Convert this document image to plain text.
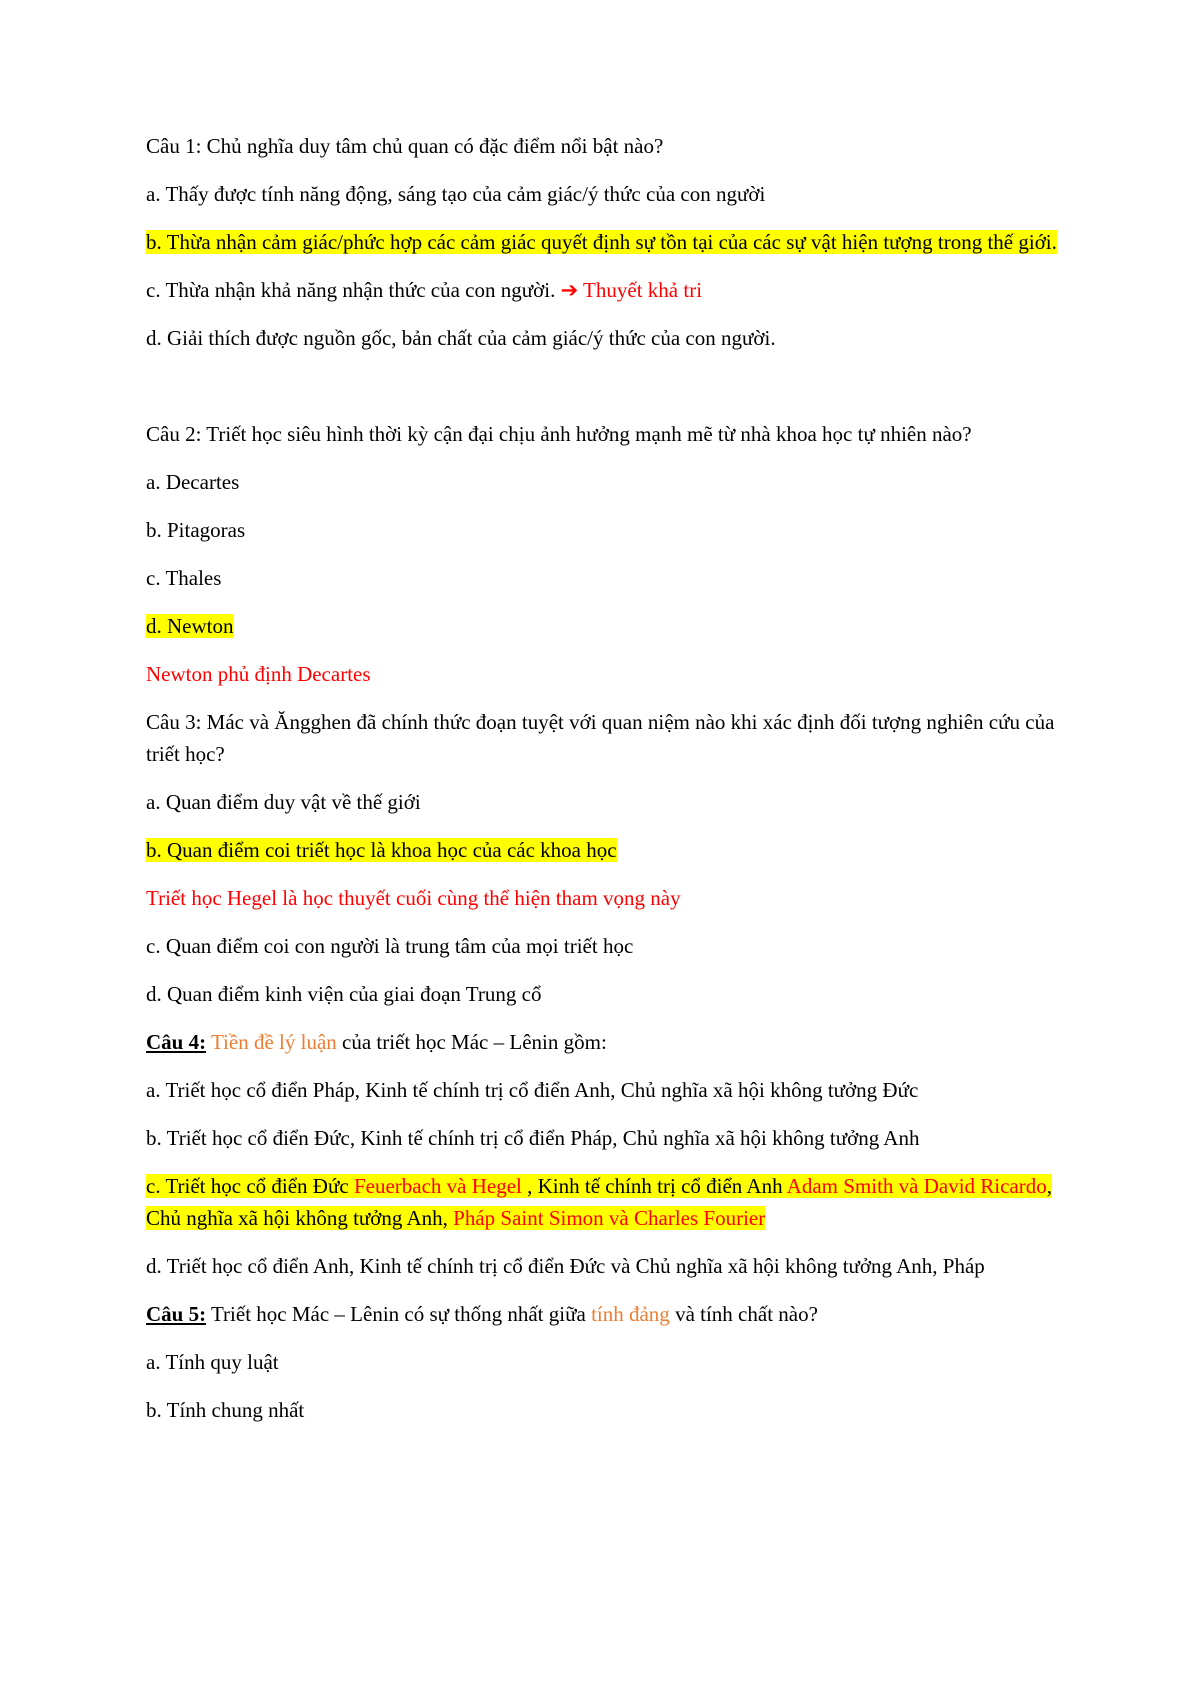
Câu 1: Chủ nghĩa duy tâm chủ quan có đặc điểm nổi bật nào?

a. Thấy được tính năng động, sáng tạo của cảm giác/ý thức của con người

b. Thừa nhận cảm giác/phức hợp các cảm giác quyết định sự tồn tại của các sự vật hiện tượng trong thế giới.

c. Thừa nhận khả năng nhận thức của con người. ➔ Thuyết khả tri

d. Giải thích được nguồn gốc, bản chất của cảm giác/ý thức của con người.

Câu 2: Triết học siêu hình thời kỳ cận đại chịu ảnh hưởng mạnh mẽ từ nhà khoa học tự nhiên nào?

a. Decartes

b. Pitagoras

c. Thales

d. Newton

Newton phủ định Decartes

Câu 3: Mác và Ăngghen đã chính thức đoạn tuyệt với quan niệm nào khi xác định đối tượng nghiên cứu của triết học?

a. Quan điểm duy vật về thế giới

b. Quan điểm coi triết học là khoa học của các khoa học

Triết học Hegel là học thuyết cuối cùng thể hiện tham vọng này

c. Quan điểm coi con người là trung tâm của mọi triết học

d. Quan điểm kinh viện của giai đoạn Trung cổ

Câu 4: Tiền đề lý luận của triết học Mác – Lênin gồm:

a. Triết học cổ điển Pháp, Kinh tế chính trị cổ điển Anh, Chủ nghĩa xã hội không tưởng Đức

b. Triết học cổ điển Đức, Kinh tế chính trị cổ điển Pháp, Chủ nghĩa xã hội không tưởng Anh

c. Triết học cổ điển Đức Feuerbach và Hegel , Kinh tế chính trị cổ điển Anh Adam Smith và David Ricardo, Chủ nghĩa xã hội không tưởng Anh, Pháp Saint Simon và Charles Fourier

d. Triết học cổ điển Anh, Kinh tế chính trị cổ điển Đức và Chủ nghĩa xã hội không tưởng Anh, Pháp

Câu 5: Triết học Mác – Lênin có sự thống nhất giữa tính đảng và tính chất nào?

a. Tính quy luật

b. Tính chung nhất
